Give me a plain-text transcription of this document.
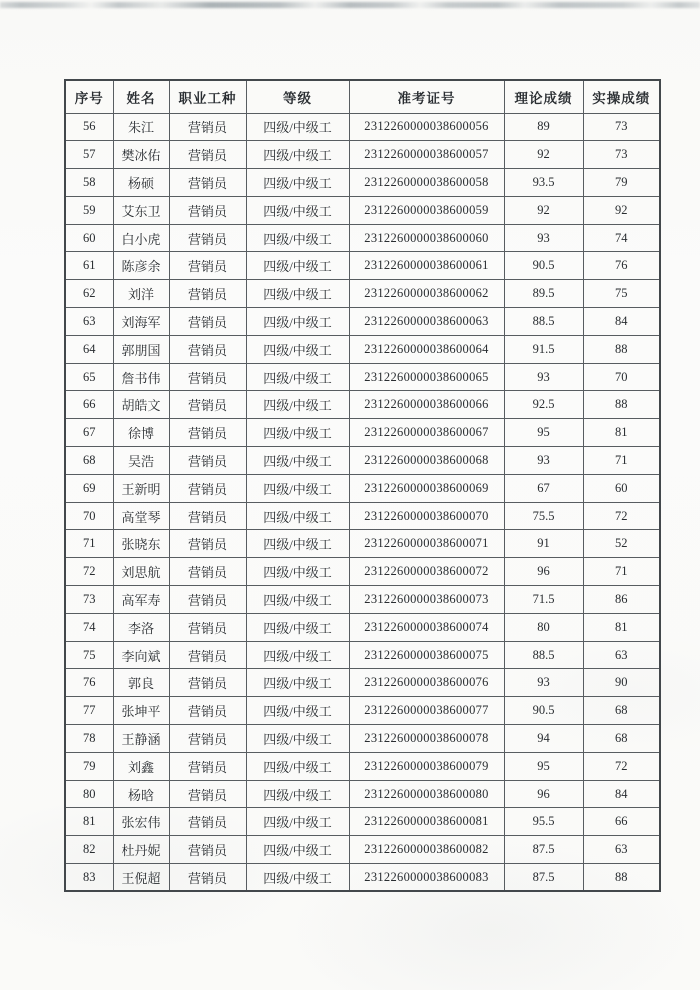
序号	姓名	职业工种	等级	准考证号	理论成绩	实操成绩
56	朱江	营销员	四级/中级工	2312260000038600056	89	73
57	樊冰佑	营销员	四级/中级工	2312260000038600057	92	73
58	杨硕	营销员	四级/中级工	2312260000038600058	93.5	79
59	艾东卫	营销员	四级/中级工	2312260000038600059	92	92
60	白小虎	营销员	四级/中级工	2312260000038600060	93	74
61	陈彦余	营销员	四级/中级工	2312260000038600061	90.5	76
62	刘洋	营销员	四级/中级工	2312260000038600062	89.5	75
63	刘海军	营销员	四级/中级工	2312260000038600063	88.5	84
64	郭朋国	营销员	四级/中级工	2312260000038600064	91.5	88
65	詹书伟	营销员	四级/中级工	2312260000038600065	93	70
66	胡皓文	营销员	四级/中级工	2312260000038600066	92.5	88
67	徐博	营销员	四级/中级工	2312260000038600067	95	81
68	吴浩	营销员	四级/中级工	2312260000038600068	93	71
69	王新明	营销员	四级/中级工	2312260000038600069	67	60
70	高堂琴	营销员	四级/中级工	2312260000038600070	75.5	72
71	张晓东	营销员	四级/中级工	2312260000038600071	91	52
72	刘思航	营销员	四级/中级工	2312260000038600072	96	71
73	高军寿	营销员	四级/中级工	2312260000038600073	71.5	86
74	李洛	营销员	四级/中级工	2312260000038600074	80	81
75	李向斌	营销员	四级/中级工	2312260000038600075	88.5	63
76	郭良	营销员	四级/中级工	2312260000038600076	93	90
77	张坤平	营销员	四级/中级工	2312260000038600077	90.5	68
78	王静涵	营销员	四级/中级工	2312260000038600078	94	68
79	刘鑫	营销员	四级/中级工	2312260000038600079	95	72
80	杨晗	营销员	四级/中级工	2312260000038600080	96	84
81	张宏伟	营销员	四级/中级工	2312260000038600081	95.5	66
82	杜丹妮	营销员	四级/中级工	2312260000038600082	87.5	63
83	王倪超	营销员	四级/中级工	2312260000038600083	87.5	88
